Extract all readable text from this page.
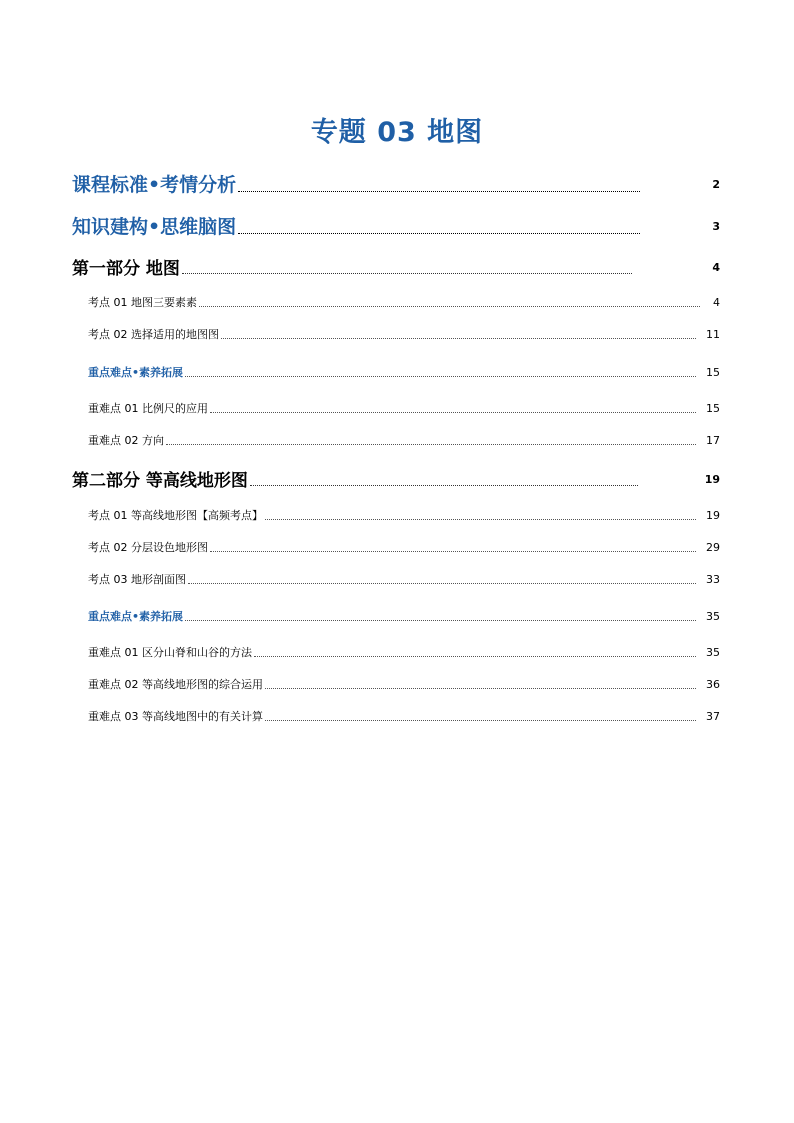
专题 03 地图
课程标准•考情分析	2
知识建构•思维脑图	3
第一部分 地图	4
考点 01 地图三要素素	4
考点 02 选择适用的地图图	11
重点难点•素养拓展	15
重难点 01 比例尺的应用	15
重难点 02 方向	17
第二部分 等高线地形图	19
考点 01 等高线地形图【高频考点】	19
考点 02 分层设色地形图	29
考点 03 地形剖面图	33
重点难点•素养拓展	35
重难点 01 区分山脊和山谷的方法	35
重难点 02 等高线地形图的综合运用	36
重难点 03 等高线地图中的有关计算	37
